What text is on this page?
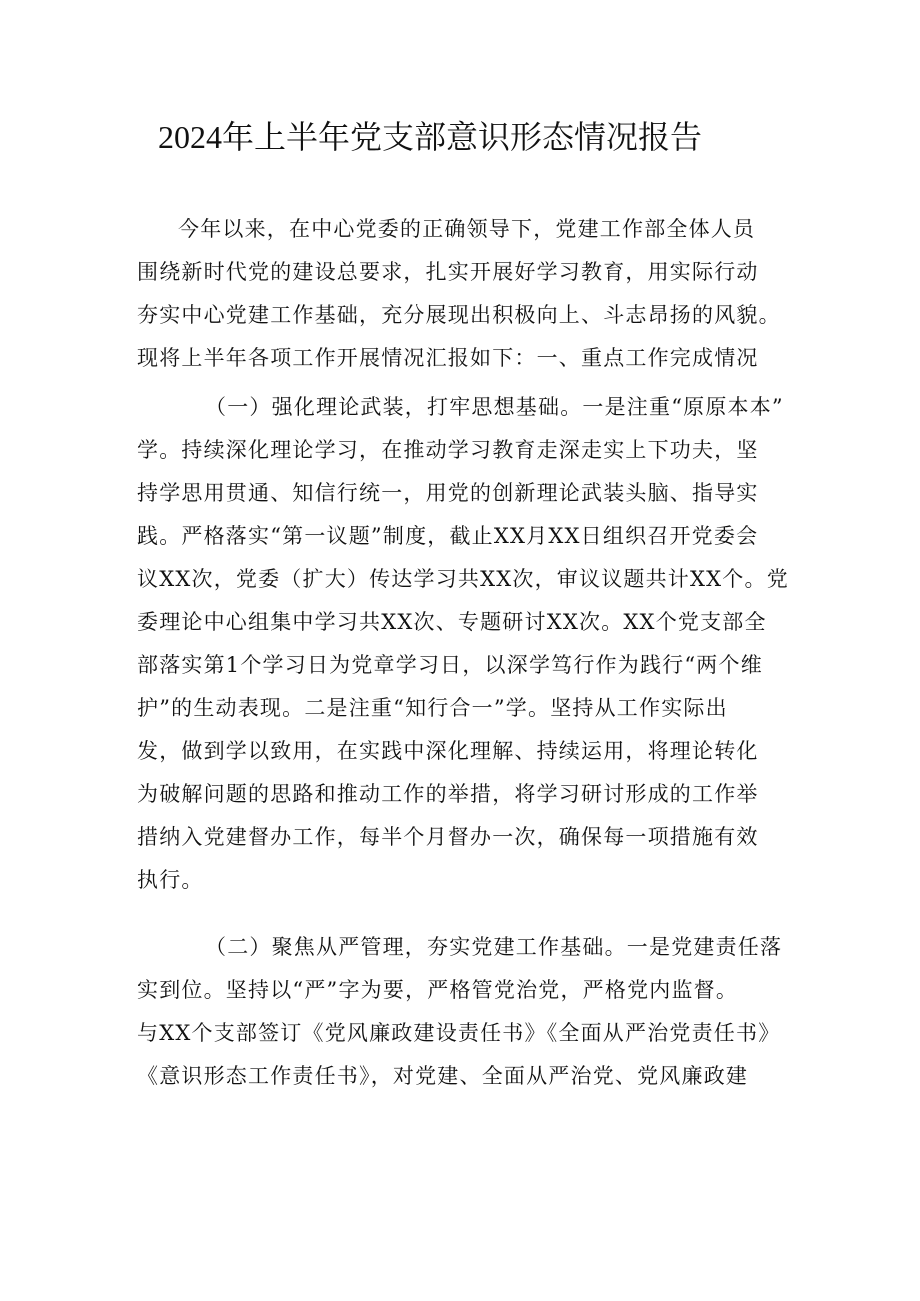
2024年上半年党支部意识形态情况报告
今年以来，在中心党委的正确领导下，党建工作部全体人员
围绕新时代党的建设总要求，扎实开展好学习教育，用实际行动
夯实中心党建工作基础，充分展现出积极向上、斗志昂扬的风貌。
现将上半年各项工作开展情况汇报如下：一、重点工作完成情况
（一）强化理论武装，打牢思想基础。一是注重“原原本本”
学。持续深化理论学习，在推动学习教育走深走实上下功夫，坚
持学思用贯通、知信行统一，用党的创新理论武装头脑、指导实
践。严格落实“第一议题”制度，截止XX月XX日组织召开党委会
议XX次，党委（扩大）传达学习共XX次，审议议题共计XX个。党
委理论中心组集中学习共XX次、专题研讨XX次。XX个党支部全
部落实第1个学习日为党章学习日，以深学笃行作为践行“两个维
护”的生动表现。二是注重“知行合一”学。坚持从工作实际出
发，做到学以致用，在实践中深化理解、持续运用，将理论转化
为破解问题的思路和推动工作的举措，将学习研讨形成的工作举
措纳入党建督办工作，每半个月督办一次，确保每一项措施有效
执行。
（二）聚焦从严管理，夯实党建工作基础。一是党建责任落
实到位。坚持以“严”字为要，严格管党治党，严格党内监督。
与XX个支部签订《党风廉政建设责任书》《全面从严治党责任书》
《意识形态工作责任书》，对党建、全面从严治党、党风廉政建
